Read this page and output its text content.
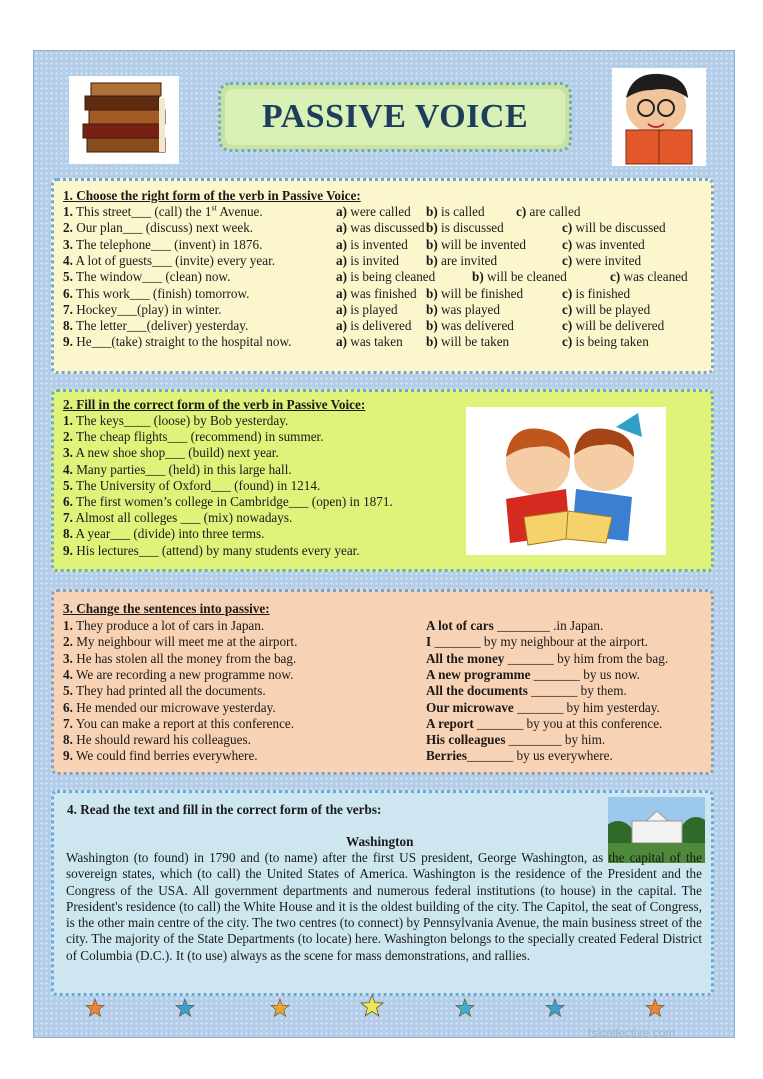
PASSIVE VOICE
1. Choose the right form of the verb in Passive Voice:
1. This street___ (call) the 1st Avenue.	a) were called b) is called c) are called
2. Our plan___ (discuss) next week.	a) was discussed b) is discussed	c) will be discussed
3. The telephone___ (invent) in 1876.	a) is invented b) will be invented	c) was invented
4. A lot of guests___ (invite) every year.	a) is invited b) are invited	c) were invited
5. The window___ (clean) now.	a) is being cleaned	b) will be cleaned	c) was cleaned
6. This work___ (finish) tomorrow.	a) was finished b) will be finished	c) is finished
7. Hockey___(play) in winter.	a) is played b) was played	c) will be played
8. The letter___(deliver) yesterday.	a) is delivered b) was delivered	c) will be delivered
9. He___(take) straight to the hospital now.	a) was taken b) will be taken	c) is being taken
2. Fill in the correct form of the verb in Passive Voice:
1. The keys____ (loose) by Bob yesterday.
2. The cheap flights___ (recommend) in summer.
3. A new shoe shop___ (build) next year.
4. Many parties___ (held) in this large hall.
5. The University of Oxford___ (found) in 1214.
6. The first women’s college in Cambridge___ (open) in 1871.
7. Almost all colleges ___ (mix) nowadays.
8. A year___ (divide) into three terms.
9. His lectures___ (attend) by many students every year.
3. Change the sentences into passive:
1. They produce a lot of cars in Japan.	A lot of cars ________ .in Japan.
2. My neighbour will meet me at the airport.	I _______ by my neighbour at the airport.
3. He has stolen all the money from the bag.	All the money _______ by him from the bag.
4. We are recording a new programme now.	A new programme _______ by us now.
5. They had printed all the documents.	All the documents _______ by them.
6. He mended our microwave yesterday.	Our microwave _______ by him yesterday.
7. You can make a report at this conference.	A report _______ by you at this conference.
8. He should reward his colleagues.	His colleagues ________ by him.
9. We could find berries everywhere.	Berries_______ by us everywhere.
4. Read the text and fill in the correct form of the verbs:
Washington
Washington (to found) in 1790 and (to name) after the first US president, George Washington, as the capital of the sovereign states, which (to call) the United States of America. Washington is the residence of the President and the Congress of the USA. All government departments and numerous federal institutions (to house) in the capital. The President's residence (to call) the White House and it is the oldest building of the city. The Capitol, the seat of Congress, is the other main centre of the city. The two centres (to connect) by Pennsylvania Avenue, the main business street of the city. The majority of the State Departments (to locate) here. Washington belongs to the specially created Federal District of Columbia (D.C.). It (to use) always as the scene for mass demonstrations, and rallies.
fslcollective.com
